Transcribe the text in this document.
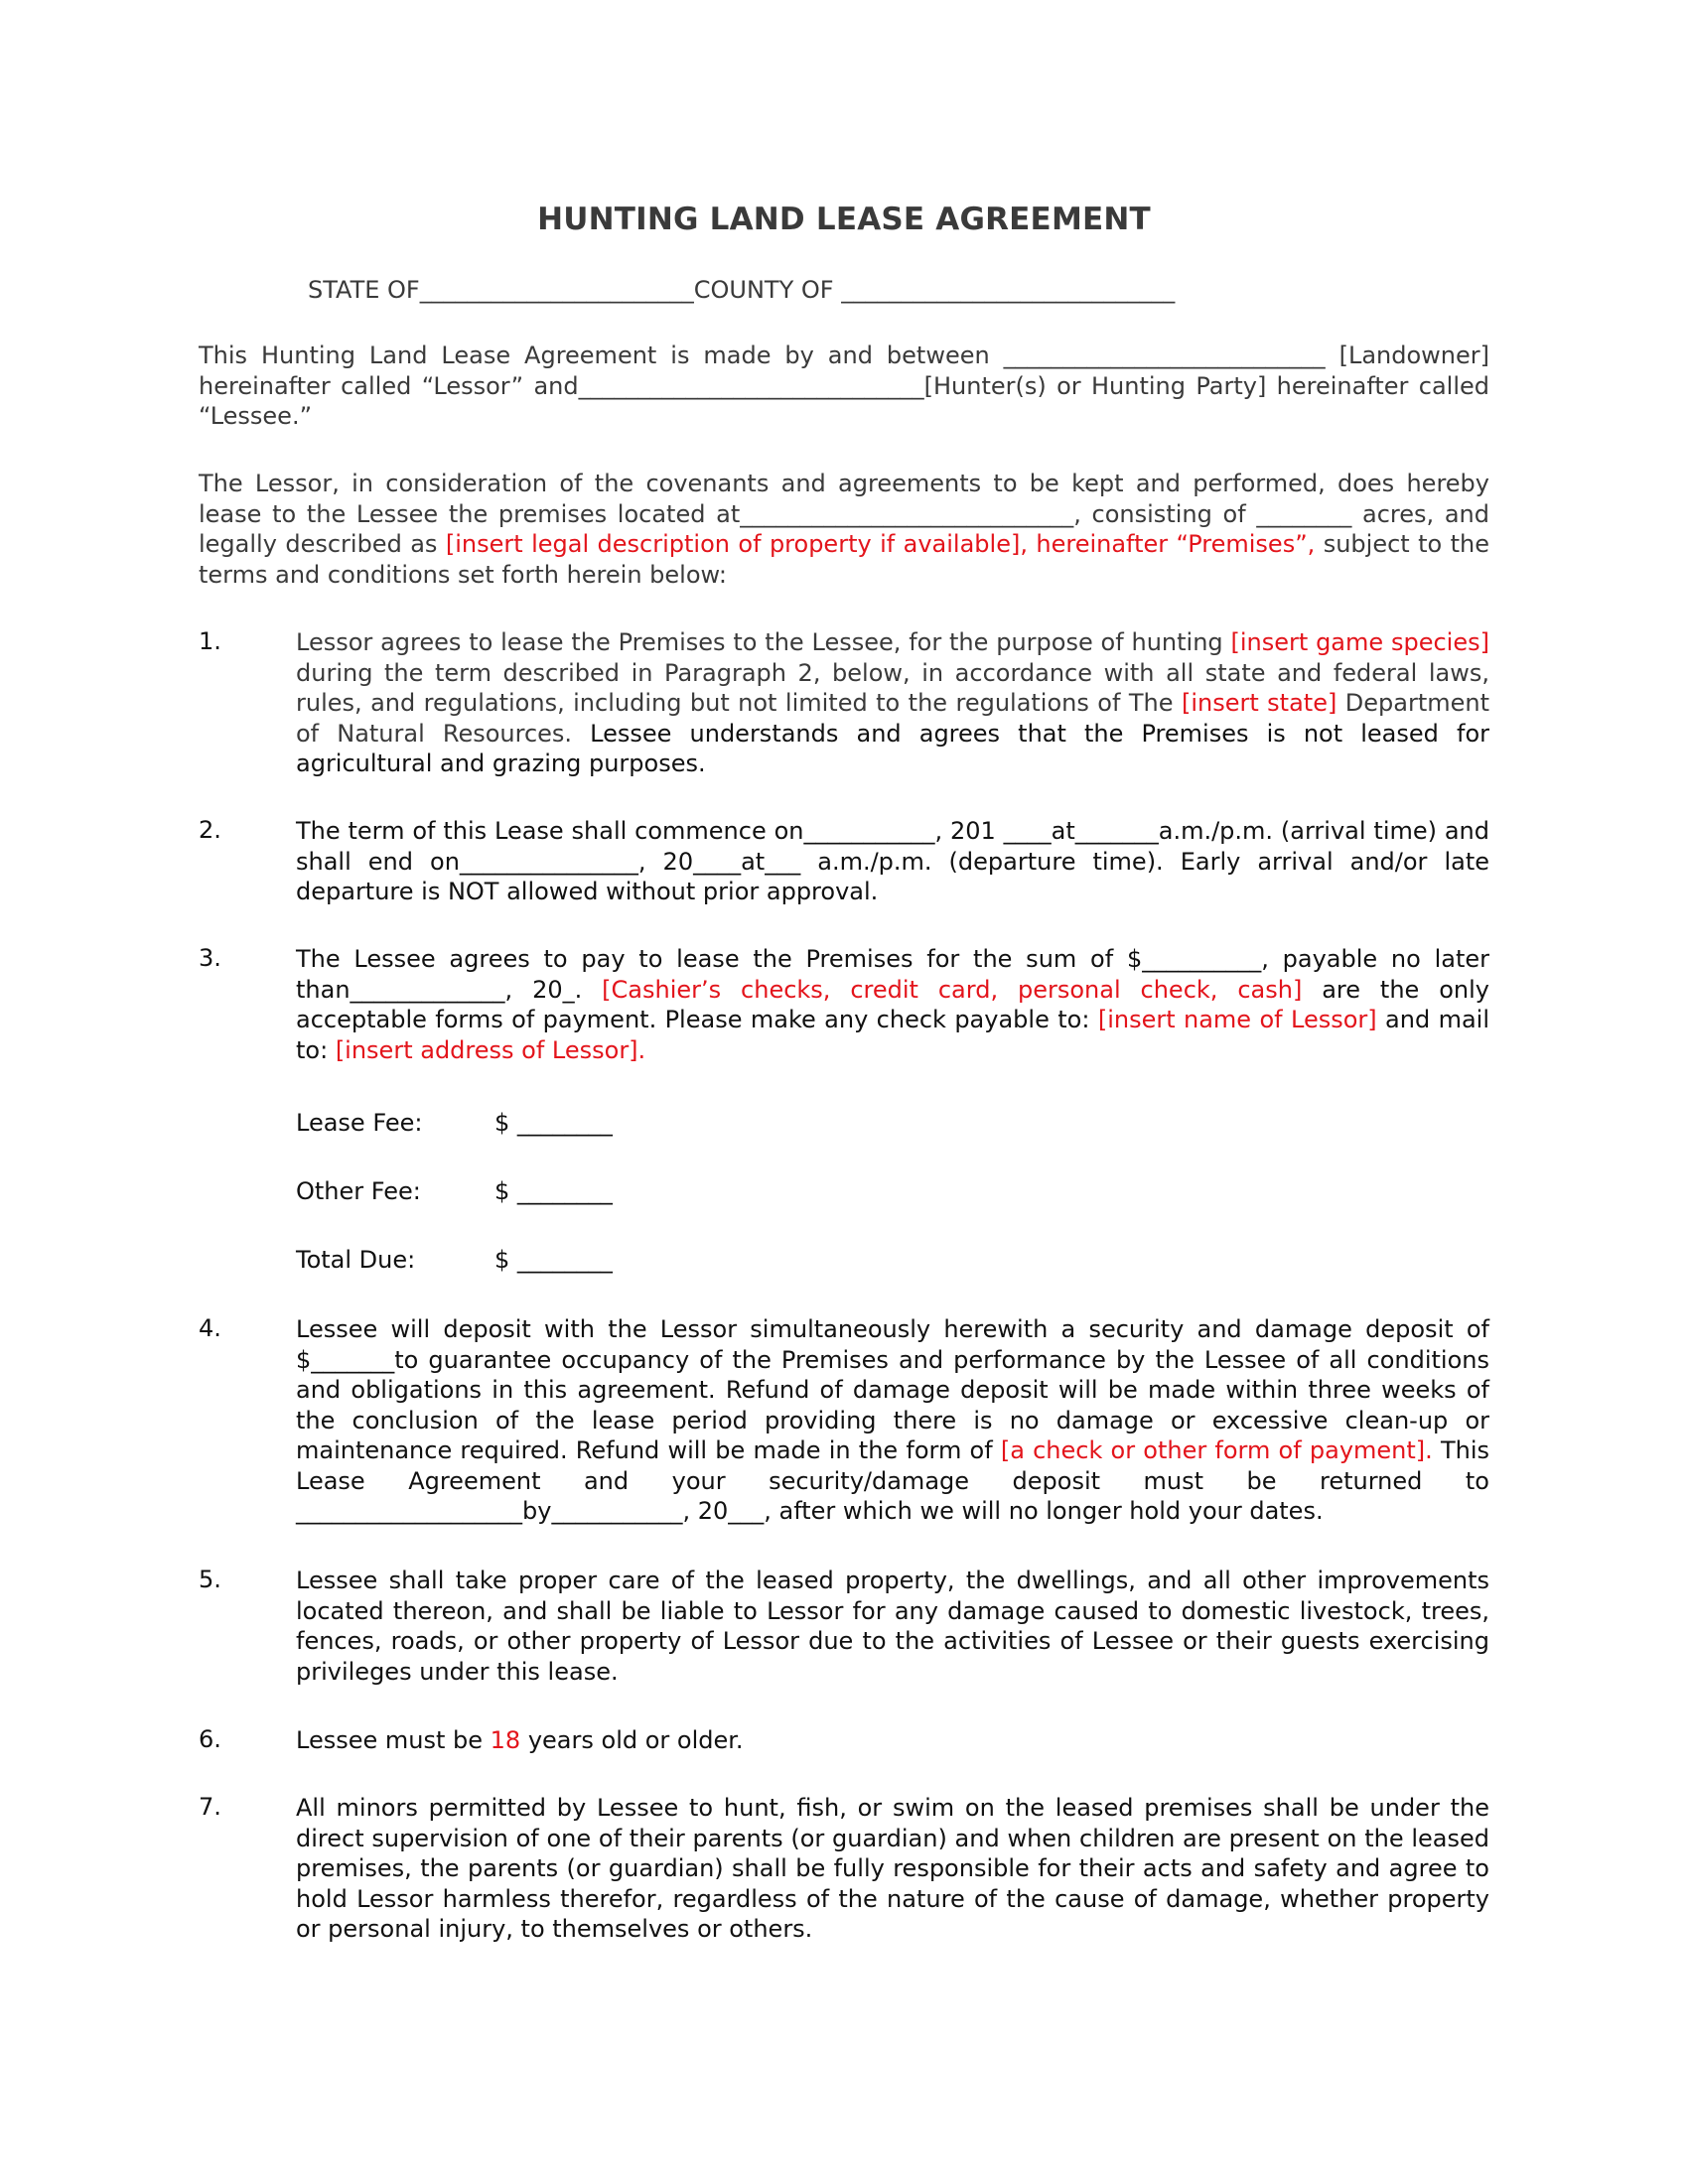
HUNTING LAND LEASE AGREEMENT
STATE OF_______________________COUNTY OF ____________________________
This Hunting Land Lease Agreement is made by and between ___________________________ [Landowner] hereinafter called “Lessor” and_____________________________[Hunter(s) or Hunting Party] hereinafter called “Lessee.”
The Lessor, in consideration of the covenants and agreements to be kept and performed, does hereby lease to the Lessee the premises located at____________________________, consisting of ________ acres, and legally described as [insert legal description of property if available], hereinafter “Premises”, subject to the terms and conditions set forth herein below:
1.	Lessor agrees to lease the Premises to the Lessee, for the purpose of hunting [insert game species] during the term described in Paragraph 2, below, in accordance with all state and federal laws, rules, and regulations, including but not limited to the regulations of The [insert state] Department of Natural Resources. Lessee understands and agrees that the Premises is not leased for agricultural and grazing purposes.
2.	The term of this Lease shall commence on___________, 201 ____at_______a.m./p.m. (arrival time) and shall end on_______________, 20____at___ a.m./p.m. (departure time). Early arrival and/or late departure is NOT allowed without prior approval.
3.	The Lessee agrees to pay to lease the Premises for the sum of $__________, payable no later than_____________, 20_. [Cashier’s checks, credit card, personal check, cash] are the only acceptable forms of payment. Please make any check payable to: [insert name of Lessor] and mail to: [insert address of Lessor].
Lease Fee:	$ ________
Other Fee:	$ ________
Total Due:	$ ________
4.	Lessee will deposit with the Lessor simultaneously herewith a security and damage deposit of $_______to guarantee occupancy of the Premises and performance by the Lessee of all conditions and obligations in this agreement. Refund of damage deposit will be made within three weeks of the conclusion of the lease period providing there is no damage or excessive clean-up or maintenance required. Refund will be made in the form of [a check or other form of payment]. This Lease Agreement and your security/damage deposit must be returned to ___________________by___________, 20___, after which we will no longer hold your dates.
5.	Lessee shall take proper care of the leased property, the dwellings, and all other improvements located thereon, and shall be liable to Lessor for any damage caused to domestic livestock, trees, fences, roads, or other property of Lessor due to the activities of Lessee or their guests exercising privileges under this lease.
6.	Lessee must be 18 years old or older.
7.	All minors permitted by Lessee to hunt, fish, or swim on the leased premises shall be under the direct supervision of one of their parents (or guardian) and when children are present on the leased premises, the parents (or guardian) shall be fully responsible for their acts and safety and agree to hold Lessor harmless therefor, regardless of the nature of the cause of damage, whether property or personal injury, to themselves or others.
